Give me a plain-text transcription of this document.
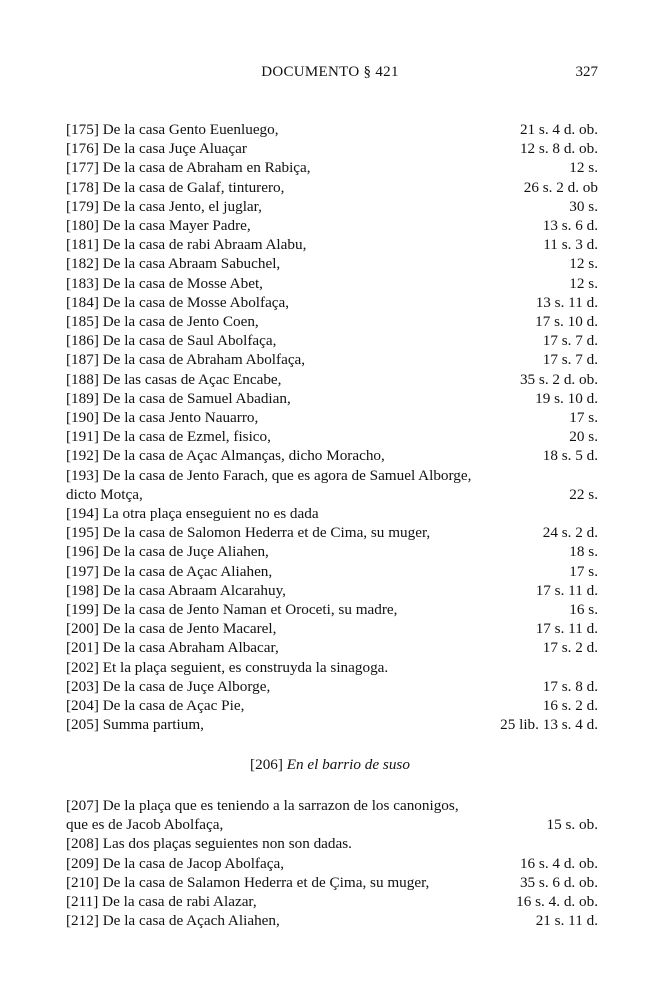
DOCUMENTO § 421	327
[175] De la casa Gento Euenluego,	21 s. 4 d. ob.
[176] De la casa Juçe Aluaçar	12 s. 8 d. ob.
[177] De la casa de Abraham en Rabiça,	12 s.
[178] De la casa de Galaf, tinturero,	26 s. 2 d. ob
[179] De la casa Jento, el juglar,	30 s.
[180] De la casa Mayer Padre,	13 s. 6 d.
[181] De la casa de rabi Abraam Alabu,	11 s. 3 d.
[182] De la casa Abraam Sabuchel,	12 s.
[183] De la casa de Mosse Abet,	12 s.
[184] De la casa de Mosse Abolfaça,	13 s. 11 d.
[185] De la casa de Jento Coen,	17 s. 10 d.
[186] De la casa de Saul Abolfaça,	17 s. 7 d.
[187] De la casa de Abraham Abolfaça,	17 s. 7 d.
[188] De las casas de Açac Encabe,	35 s. 2 d. ob.
[189] De la casa de Samuel Abadian,	19 s. 10 d.
[190] De la casa Jento Nauarro,	17 s.
[191] De la casa de Ezmel, fisico,	20 s.
[192] De la casa de Açac Almanças, dicho Moracho,	18 s. 5 d.
[193] De la casa de Jento Farach, que es agora de Samuel Alborge,
dicto Motça,	22 s.
[194] La otra plaça enseguient no es dada
[195] De la casa de Salomon Hederra et de Cima, su muger,	24 s. 2 d.
[196] De la casa de Juçe Aliahen,	18 s.
[197] De la casa de Açac Aliahen,	17 s.
[198] De la casa Abraam Alcarahuy,	17 s. 11 d.
[199] De la casa de Jento Naman et Oroceti, su madre,	16 s.
[200] De la casa de Jento Macarel,	17 s. 11 d.
[201] De la casa Abraham Albacar,	17 s. 2 d.
[202] Et la plaça seguient, es construyda la sinagoga.
[203] De la casa de Juçe Alborge,	17 s. 8 d.
[204] De la casa de Açac Pie,	16 s. 2 d.
[205] Summa partium,	25 lib. 13 s. 4 d.
[206] En el barrio de suso
[207] De la plaça que es teniendo a la sarrazon de los canonigos,
que es de Jacob Abolfaça,	15 s. ob.
[208] Las dos plaças seguientes non son dadas.
[209] De la casa de Jacop Abolfaça,	16 s. 4 d. ob.
[210] De la casa de Salamon Hederra et de Çima, su muger,	35 s. 6 d. ob.
[211] De la casa de rabi Alazar,	16 s. 4. d. ob.
[212] De la casa de Açach Aliahen,	21 s. 11 d.
